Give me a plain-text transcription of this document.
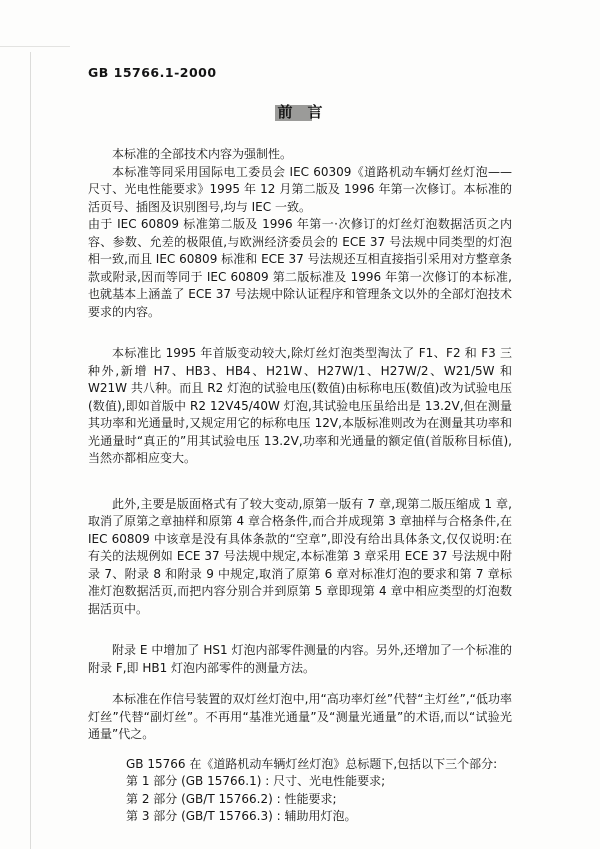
GB 15766.1-2000
前　言

本标准的全部技术内容为强制性。

本标准等同采用国际电工委员会 IEC 60309《道路机动车辆灯丝灯泡——尺寸、光电性能要求》1995 年 12 月第二版及 1996 年第一次修订。本标准的活页号、插图及识别图号,均与 IEC 一致。

由于 IEC 60809 标准第二版及 1996 年第一·次修订的灯丝灯泡数据活页之内容、参数、允差的极限值,与欧洲经济委员会的 ECE 37 号法规中同类型的灯泡相一致,而且 IEC 60809 标准和 ECE 37 号法规还互相直接指引采用对方整章条款或附录,因而等同于 IEC 60809 第二版标准及 1996 年第一次修订的本标准,也就基本上涵盖了 ECE 37 号法规中除认证程序和管理条文以外的全部灯泡技术要求的内容。

本标准比 1995 年首版变动较大,除灯丝灯泡类型淘汰了 F1、F2 和 F3 三种外,新增 H7、HB3、HB4、H21W、H27W/1、H27W/2、W21/5W 和 W21W 共八种。而且 R2 灯泡的试验电压(数值)由标称电压(数值)改为试验电压(数值),即如首版中 R2 12V45/40W 灯泡,其试验电压虽给出是 13.2V,但在测量其功率和光通量时,又规定用它的标称电压 12V,本版标准则改为在测量其功率和光通量时“真正的”用其试验电压 13.2V,功率和光通量的额定值(首版称目标值),当然亦都相应变大。

此外,主要是版面格式有了较大变动,原第一版有 7 章,现第二版压缩成 1 章,取消了原第之章抽样和原第 4 章合格条件,而合并成现第 3 章抽样与合格条件,在 IEC 60809 中该章是没有具体条款的“空章”,即没有给出具体条文,仅仅说明:在有关的法规例如 ECE 37 号法规中规定,本标准第 3 章采用 ECE 37 号法规中附录 7、附录 8 和附录 9 中规定,取消了原第 6 章对标准灯泡的要求和第 7 章标准灯泡数据活页,而把内容分别合并到原第 5 章即现第 4 章中相应类型的灯泡数据活页中。

附录 E 中增加了 HS1 灯泡内部零件测量的内容。另外,还增加了一个标准的附录 F,即 HB1 灯泡内部零件的测量方法。

本标准在作信号装置的双灯丝灯泡中,用“高功率灯丝”代替“主灯丝”,“低功率灯丝”代替“副灯丝”。不再用“基准光通量”及“测量光通量”的术语,而以“试验光通量”代之。

GB 15766 在《道路机动车辆灯丝灯泡》总标题下,包括以下三个部分:

第 1 部分 (GB 15766.1) : 尺寸、光电性能要求;

第 2 部分 (GB/T 15766.2) : 性能要求;

第 3 部分 (GB/T 15766.3) : 辅助用灯泡。
